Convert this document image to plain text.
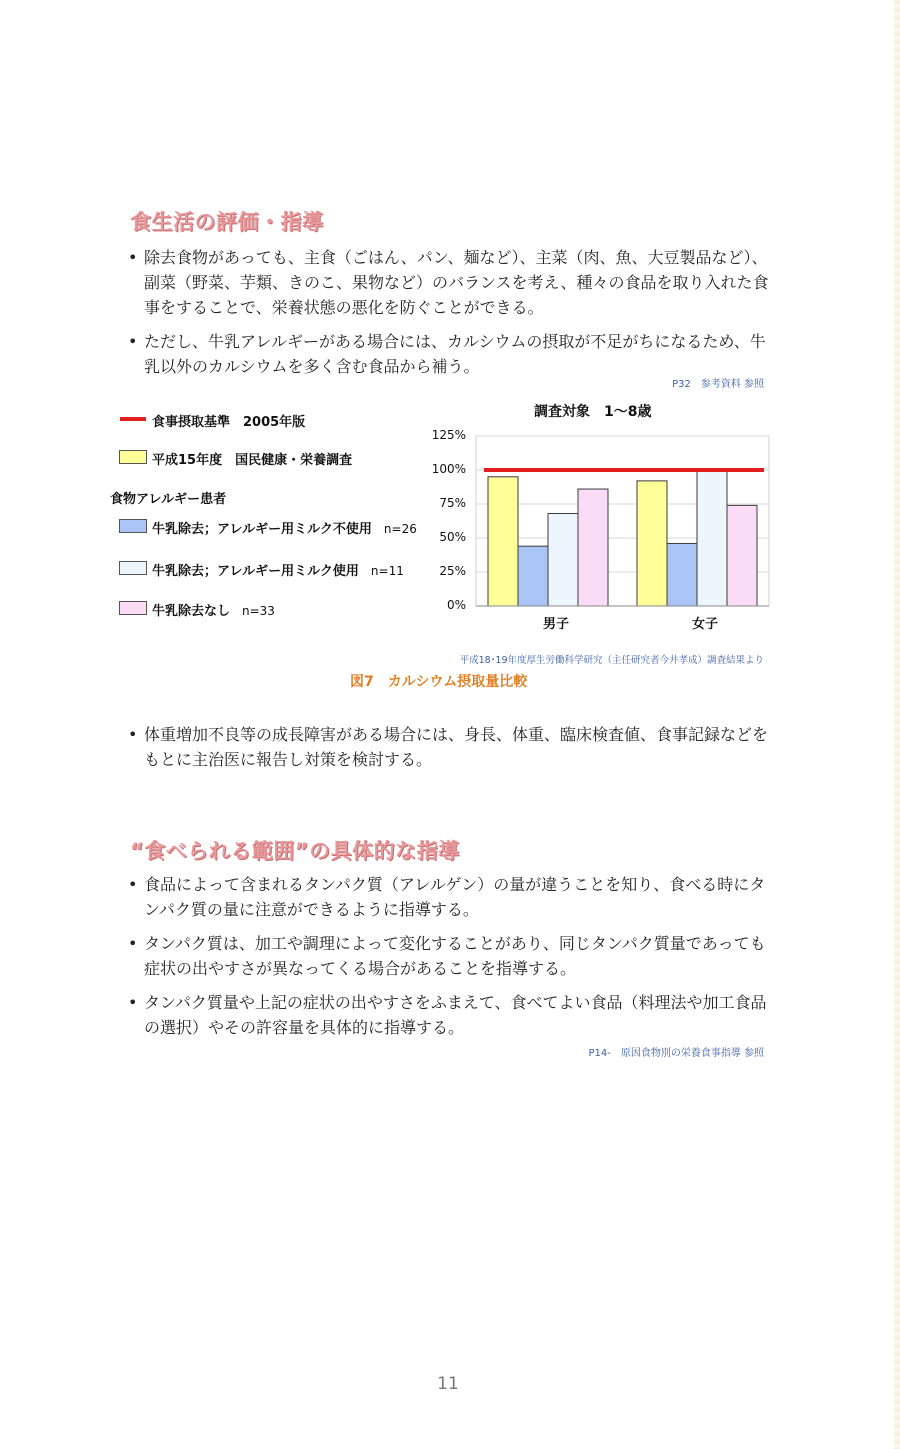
食生活の評価・指導
• 除去食物があっても、主食（ごはん、パン、麺など）、主菜（肉、魚、大豆製品など）、副菜（野菜、芋類、きのこ、果物など）のバランスを考え、種々の食品を取り入れた食事をすることで、栄養状態の悪化を防ぐことができる。
• ただし、牛乳アレルギーがある場合には、カルシウムの摂取が不足がちになるため、牛乳以外のカルシウムを多く含む食品から補う。
P32　参考資料 参照
食事摂取基準　2005年版
平成15年度　国民健康・栄養調査
食物アレルギー患者
牛乳除去；アレルギー用ミルク不使用 n=26
牛乳除去；アレルギー用ミルク使用 n=11
牛乳除去なし n=33
調査対象　1～8歳
0%
25%
50%
75%
100%
125%
男子	女子
平成18･19年度厚生労働科学研究（主任研究者今井孝成）調査結果より
図7　カルシウム摂取量比較
• 体重増加不良等の成長障害がある場合には、身長、体重、臨床検査値、食事記録などをもとに主治医に報告し対策を検討する。
“食べられる範囲”の具体的な指導
• 食品によって含まれるタンパク質（アレルゲン）の量が違うことを知り、食べる時にタンパク質の量に注意ができるように指導する。
• タンパク質は、加工や調理によって変化することがあり、同じタンパク質量であっても症状の出やすさが異なってくる場合があることを指導する。
• タンパク質量や上記の症状の出やすさをふまえて、食べてよい食品（料理法や加工食品の選択）やその許容量を具体的に指導する。
P14-　原因食物別の栄養食事指導 参照
11
